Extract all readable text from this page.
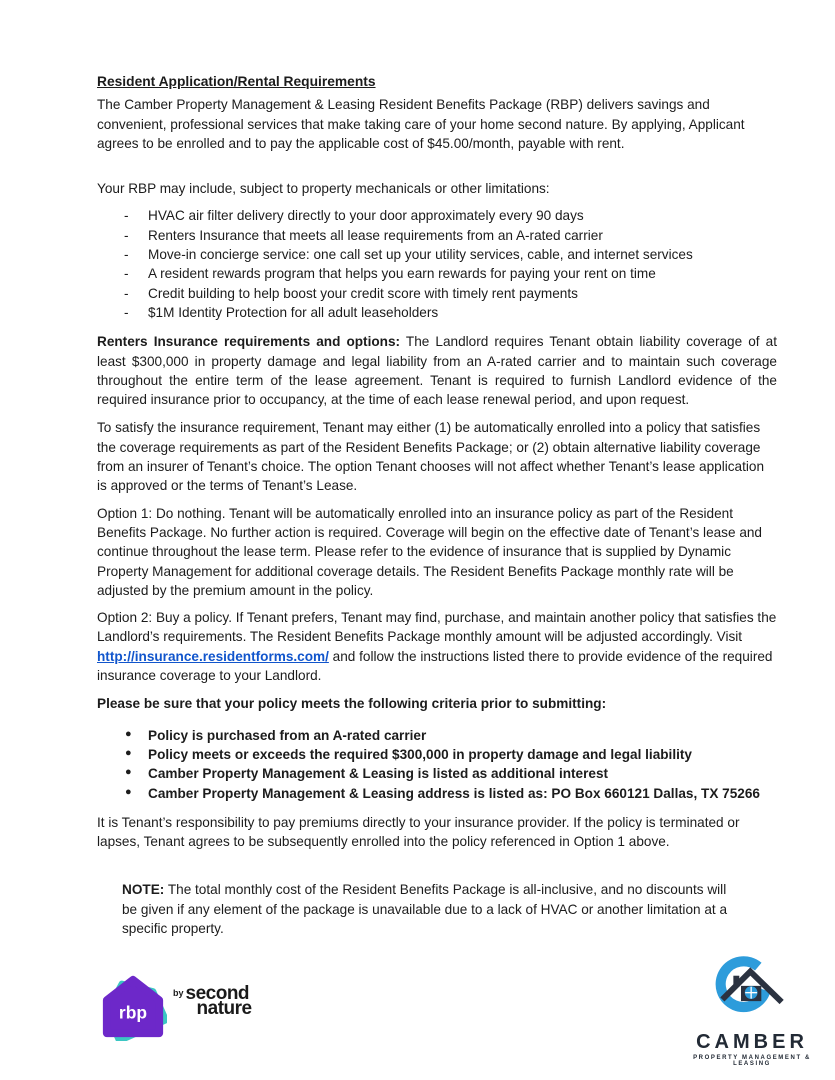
Resident Application/Rental Requirements

The Camber Property Management & Leasing Resident Benefits Package (RBP) delivers savings and convenient, professional services that make taking care of your home second nature. By applying, Applicant agrees to be enrolled and to pay the applicable cost of $45.00/month, payable with rent.

Your RBP may include, subject to property mechanicals or other limitations:

- HVAC air filter delivery directly to your door approximately every 90 days
- Renters Insurance that meets all lease requirements from an A-rated carrier
- Move-in concierge service: one call set up your utility services, cable, and internet services
- A resident rewards program that helps you earn rewards for paying your rent on time
- Credit building to help boost your credit score with timely rent payments
- $1M Identity Protection for all adult leaseholders

Renters Insurance requirements and options: The Landlord requires Tenant obtain liability coverage of at least $300,000 in property damage and legal liability from an A-rated carrier and to maintain such coverage throughout the entire term of the lease agreement. Tenant is required to furnish Landlord evidence of the required insurance prior to occupancy, at the time of each lease renewal period, and upon request.

To satisfy the insurance requirement, Tenant may either (1) be automatically enrolled into a policy that satisfies the coverage requirements as part of the Resident Benefits Package; or (2) obtain alternative liability coverage from an insurer of Tenant’s choice. The option Tenant chooses will not affect whether Tenant’s lease application is approved or the terms of Tenant’s Lease.

Option 1: Do nothing. Tenant will be automatically enrolled into an insurance policy as part of the Resident Benefits Package. No further action is required. Coverage will begin on the effective date of Tenant’s lease and continue throughout the lease term. Please refer to the evidence of insurance that is supplied by Dynamic Property Management for additional coverage details. The Resident Benefits Package monthly rate will be adjusted by the premium amount in the policy.

Option 2: Buy a policy. If Tenant prefers, Tenant may find, purchase, and maintain another policy that satisfies the Landlord’s requirements. The Resident Benefits Package monthly amount will be adjusted accordingly. Visit http://insurance.residentforms.com/ and follow the instructions listed there to provide evidence of the required insurance coverage to your Landlord.

Please be sure that your policy meets the following criteria prior to submitting:

● Policy is purchased from an A-rated carrier
● Policy meets or exceeds the required $300,000 in property damage and legal liability
● Camber Property Management & Leasing is listed as additional interest
● Camber Property Management & Leasing address is listed as: PO Box 660121 Dallas, TX 75266

It is Tenant’s responsibility to pay premiums directly to your insurance provider. If the policy is terminated or lapses, Tenant agrees to be subsequently enrolled into the policy referenced in Option 1 above.

NOTE: The total monthly cost of the Resident Benefits Package is all-inclusive, and no discounts will be given if any element of the package is unavailable due to a lack of HVAC or another limitation at a specific property.

rbp
by second
nature
CAMBER
PROPERTY MANAGEMENT & LEASING
